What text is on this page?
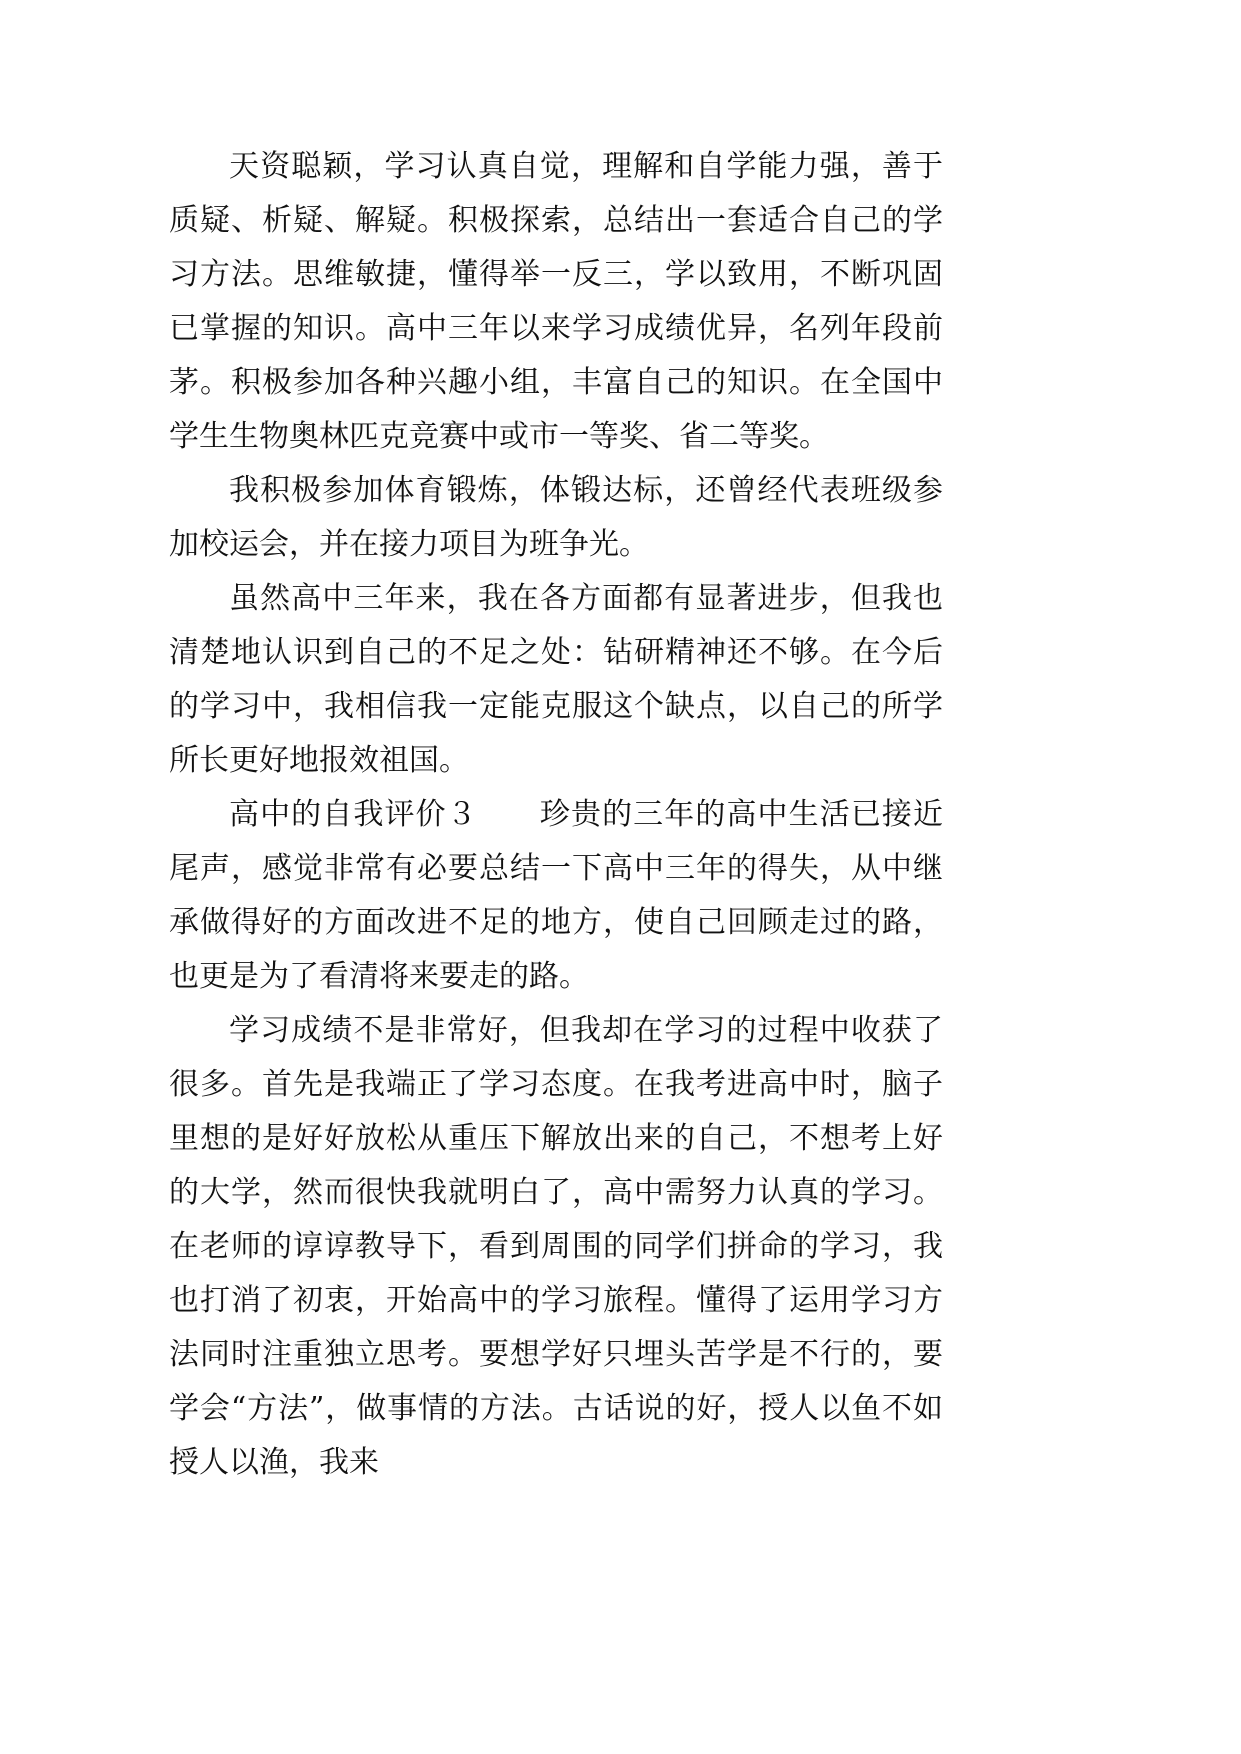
天资聪颖，学习认真自觉，理解和自学能力强，善于质疑、析疑、解疑。积极探索，总结出一套适合自己的学习方法。思维敏捷，懂得举一反三，学以致用，不断巩固已掌握的知识。高中三年以来学习成绩优异，名列年段前茅。积极参加各种兴趣小组，丰富自己的知识。在全国中学生生物奥林匹克竞赛中或市一等奖、省二等奖。

我积极参加体育锻炼，体锻达标，还曾经代表班级参加校运会，并在接力项目为班争光。

虽然高中三年来，我在各方面都有显著进步，但我也清楚地认识到自己的不足之处：钻研精神还不够。在今后的学习中，我相信我一定能克服这个缺点，以自己的所学所长更好地报效祖国。

高中的自我评价３　　珍贵的三年的高中生活已接近尾声，感觉非常有必要总结一下高中三年的得失，从中继承做得好的方面改进不足的地方，使自己回顾走过的路，也更是为了看清将来要走的路。

学习成绩不是非常好，但我却在学习的过程中收获了很多。首先是我端正了学习态度。在我考进高中时，脑子里想的是好好放松从重压下解放出来的自己，不想考上好的大学，然而很快我就明白了，高中需努力认真的学习。在老师的谆谆教导下，看到周围的同学们拼命的学习，我也打消了初衷，开始高中的学习旅程。懂得了运用学习方法同时注重独立思考。要想学好只埋头苦学是不行的，要学会“方法”，做事情的方法。古话说的好，授人以鱼不如授人以渔，我来
